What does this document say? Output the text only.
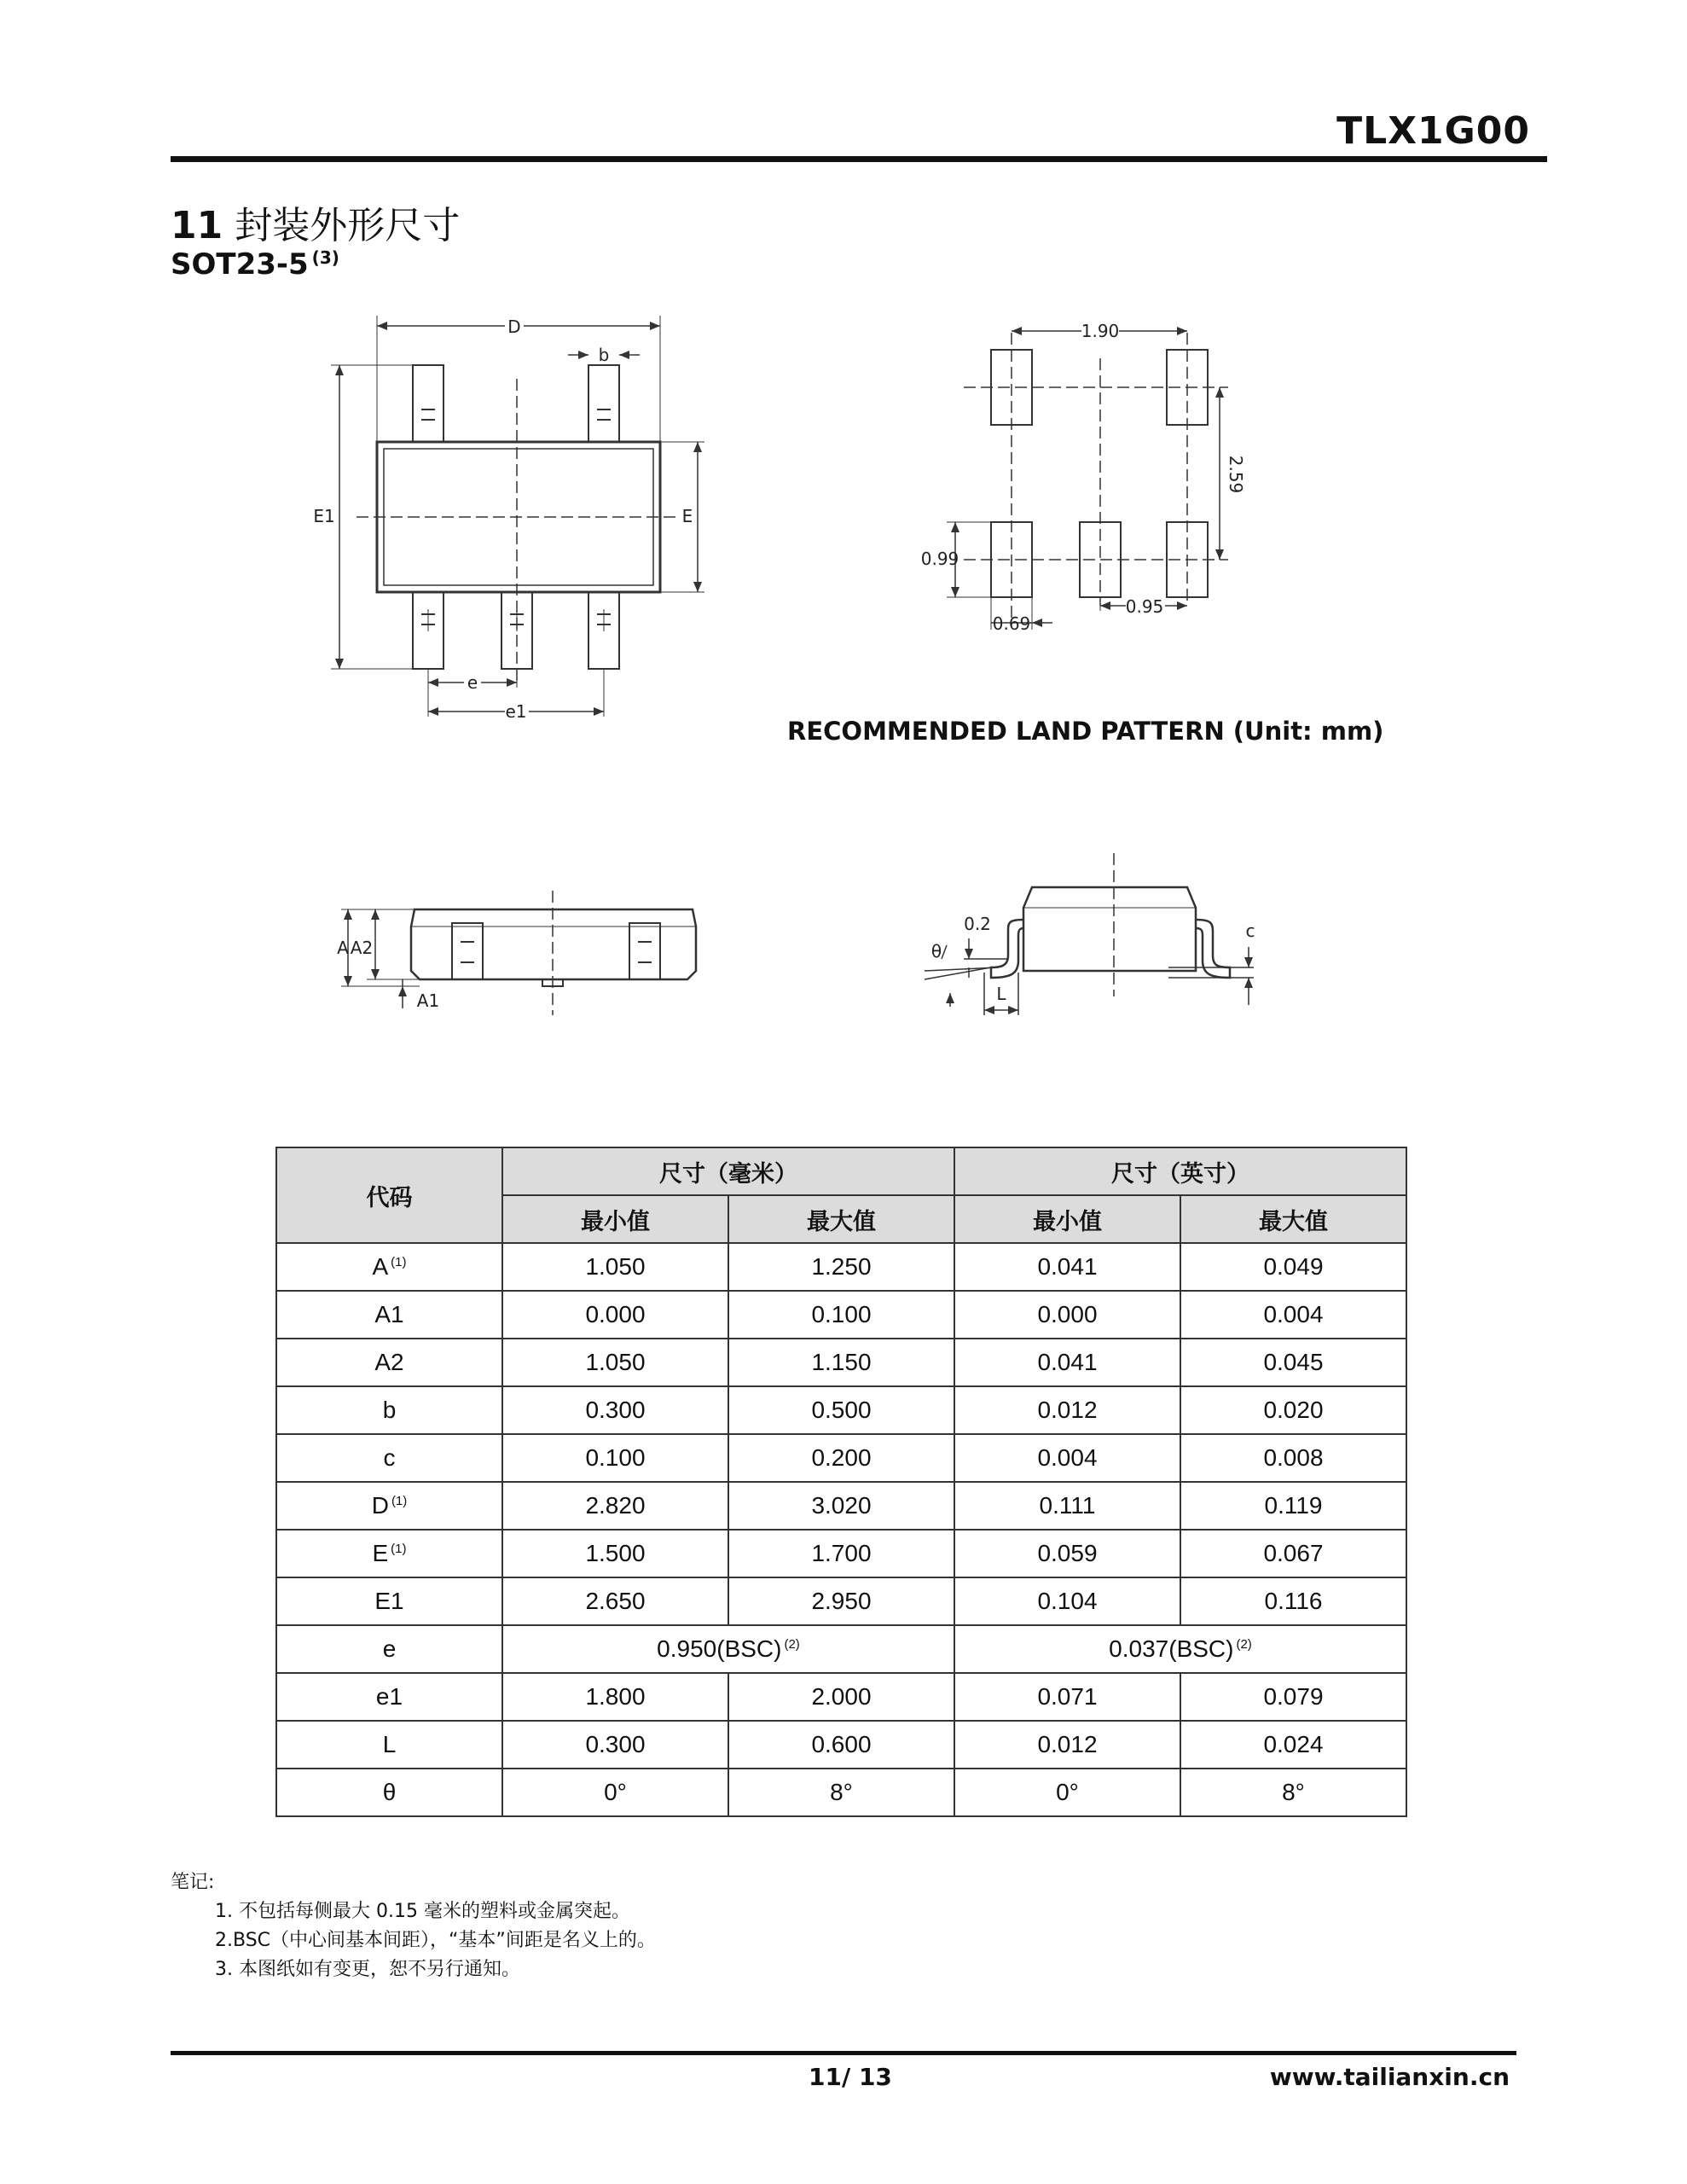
TLX1G00
11 封装外形尺寸
SOT23-5 $^{(3)}$
D
b
E1	E
e
e1
1.90
2.59
0.99
0.69
0.95
RECOMMENDED LAND PATTERN (Unit: mm)
A A2
A1
0.2
θ
L
c
代码	尺寸（毫米）		尺寸（英寸）	
	最小值	最大值	最小值	最大值
A $^{(1)}$	1.050	1.250	0.041	0.049
A1	0.000	0.100	0.000	0.004
A2	1.050	1.150	0.041	0.045
b	0.300	0.500	0.012	0.020
c	0.100	0.200	0.004	0.008
D $^{(1)}$	2.820	3.020	0.111	0.119
E $^{(1)}$	1.500	1.700	0.059	0.067
E1	2.650	2.950	0.104	0.116
e	0.950(BSC) $^{(2)}$		0.037(BSC) $^{(2)}$
e1	1.800	2.000	0.071	0.079
L	0.300	0.600	0.012	0.024
θ	0°	8°	0°	8°
笔记:
1. 不包括每侧最大 0.15 毫米的塑料或金属突起。
2.BSC（中心间基本间距），“基本”间距是名义上的。
3. 本图纸如有变更，恕不另行通知。
11/ 13	www.tailianxin.cn
